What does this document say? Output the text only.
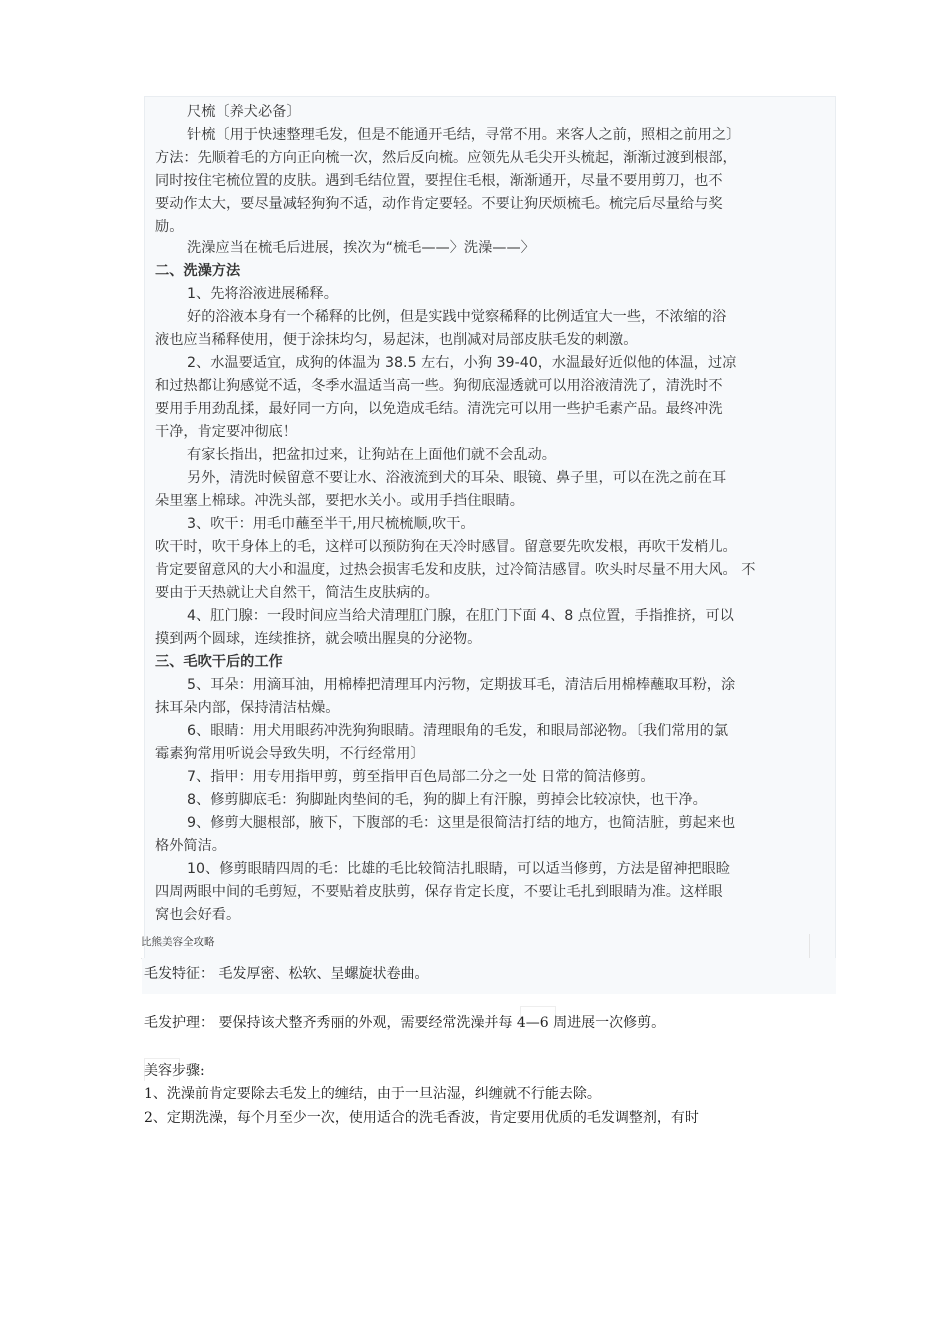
尺梳〔养犬必备〕

针梳〔用于快速整理毛发，但是不能通开毛结，寻常不用。来客人之前，照相之前用之〕

方法：先顺着毛的方向正向梳一次，然后反向梳。应领先从毛尖开头梳起，渐渐过渡到根部，

同时按住宅梳位置的皮肤。遇到毛结位置，要捏住毛根，渐渐通开，尽量不要用剪刀，也不

要动作太大，要尽量减轻狗狗不适，动作肯定要轻。不要让狗厌烦梳毛。梳完后尽量给与奖

励。

洗澡应当在梳毛后进展，挨次为“梳毛——〉洗澡——〉

二、洗澡方法

1、先将浴液进展稀释。

好的浴液本身有一个稀释的比例，但是实践中觉察稀释的比例适宜大一些，不浓缩的浴

液也应当稀释使用，便于涂抹均匀，易起沫，也削减对局部皮肤毛发的刺激。

2、水温要适宜，成狗的体温为 38.5 左右，小狗 39-40，水温最好近似他的体温，过凉

和过热都让狗感觉不适，冬季水温适当高一些。狗彻底湿透就可以用浴液清洗了，清洗时不

要用手用劲乱揉，最好同一方向，以免造成毛结。清洗完可以用一些护毛素产品。最终冲洗

干净，肯定要冲彻底！

有家长指出，把盆扣过来，让狗站在上面他们就不会乱动。

另外，清洗时候留意不要让水、浴液流到犬的耳朵、眼镜、鼻子里，可以在洗之前在耳

朵里塞上棉球。冲洗头部，要把水关小。或用手挡住眼睛。

3、吹干：用毛巾蘸至半干,用尺梳梳顺,吹干。

吹干时，吹干身体上的毛，这样可以预防狗在天冷时感冒。留意要先吹发根，再吹干发梢儿。

肯定要留意风的大小和温度，过热会损害毛发和皮肤，过冷简洁感冒。吹头时尽量不用大风。 不

要由于天热就让犬自然干，简洁生皮肤病的。

4、肛门腺：一段时间应当给犬清理肛门腺，在肛门下面 4、8 点位置，手指推挤，可以

摸到两个圆球，连续推挤，就会喷出腥臭的分泌物。

三、毛吹干后的工作

5、耳朵：用滴耳油，用棉棒把清理耳内污物，定期拔耳毛，清洁后用棉棒蘸取耳粉，涂

抹耳朵内部，保持清洁枯燥。

6、眼睛：用犬用眼药冲洗狗狗眼睛。清理眼角的毛发，和眼局部泌物。〔我们常用的氯

霉素狗常用听说会导致失明，不行经常用〕

7、指甲：用专用指甲剪，剪至指甲百色局部二分之一处 日常的简洁修剪。

8、修剪脚底毛：狗脚趾肉垫间的毛，狗的脚上有汗腺，剪掉会比较凉快，也干净。

9、修剪大腿根部，腋下，下腹部的毛：这里是很简洁打结的地方，也简洁脏，剪起来也

格外简洁。

10、修剪眼睛四周的毛：比雄的毛比较简洁扎眼睛，可以适当修剪，方法是留神把眼睑

四周两眼中间的毛剪短，不要贴着皮肤剪，保存肯定长度，不要让毛扎到眼睛为准。这样眼

窝也会好看。

比熊美容全攻略

毛发特征： 毛发厚密、松软、呈螺旋状卷曲。

毛发护理： 要保持该犬整齐秀丽的外观，需要经常洗澡并每 4—6 周进展一次修剪。

美容步骤:

1、洗澡前肯定要除去毛发上的缠结，由于一旦沾湿，纠缠就不行能去除。

2、定期洗澡，每个月至少一次，使用适合的洗毛香波，肯定要用优质的毛发调整剂，有时
